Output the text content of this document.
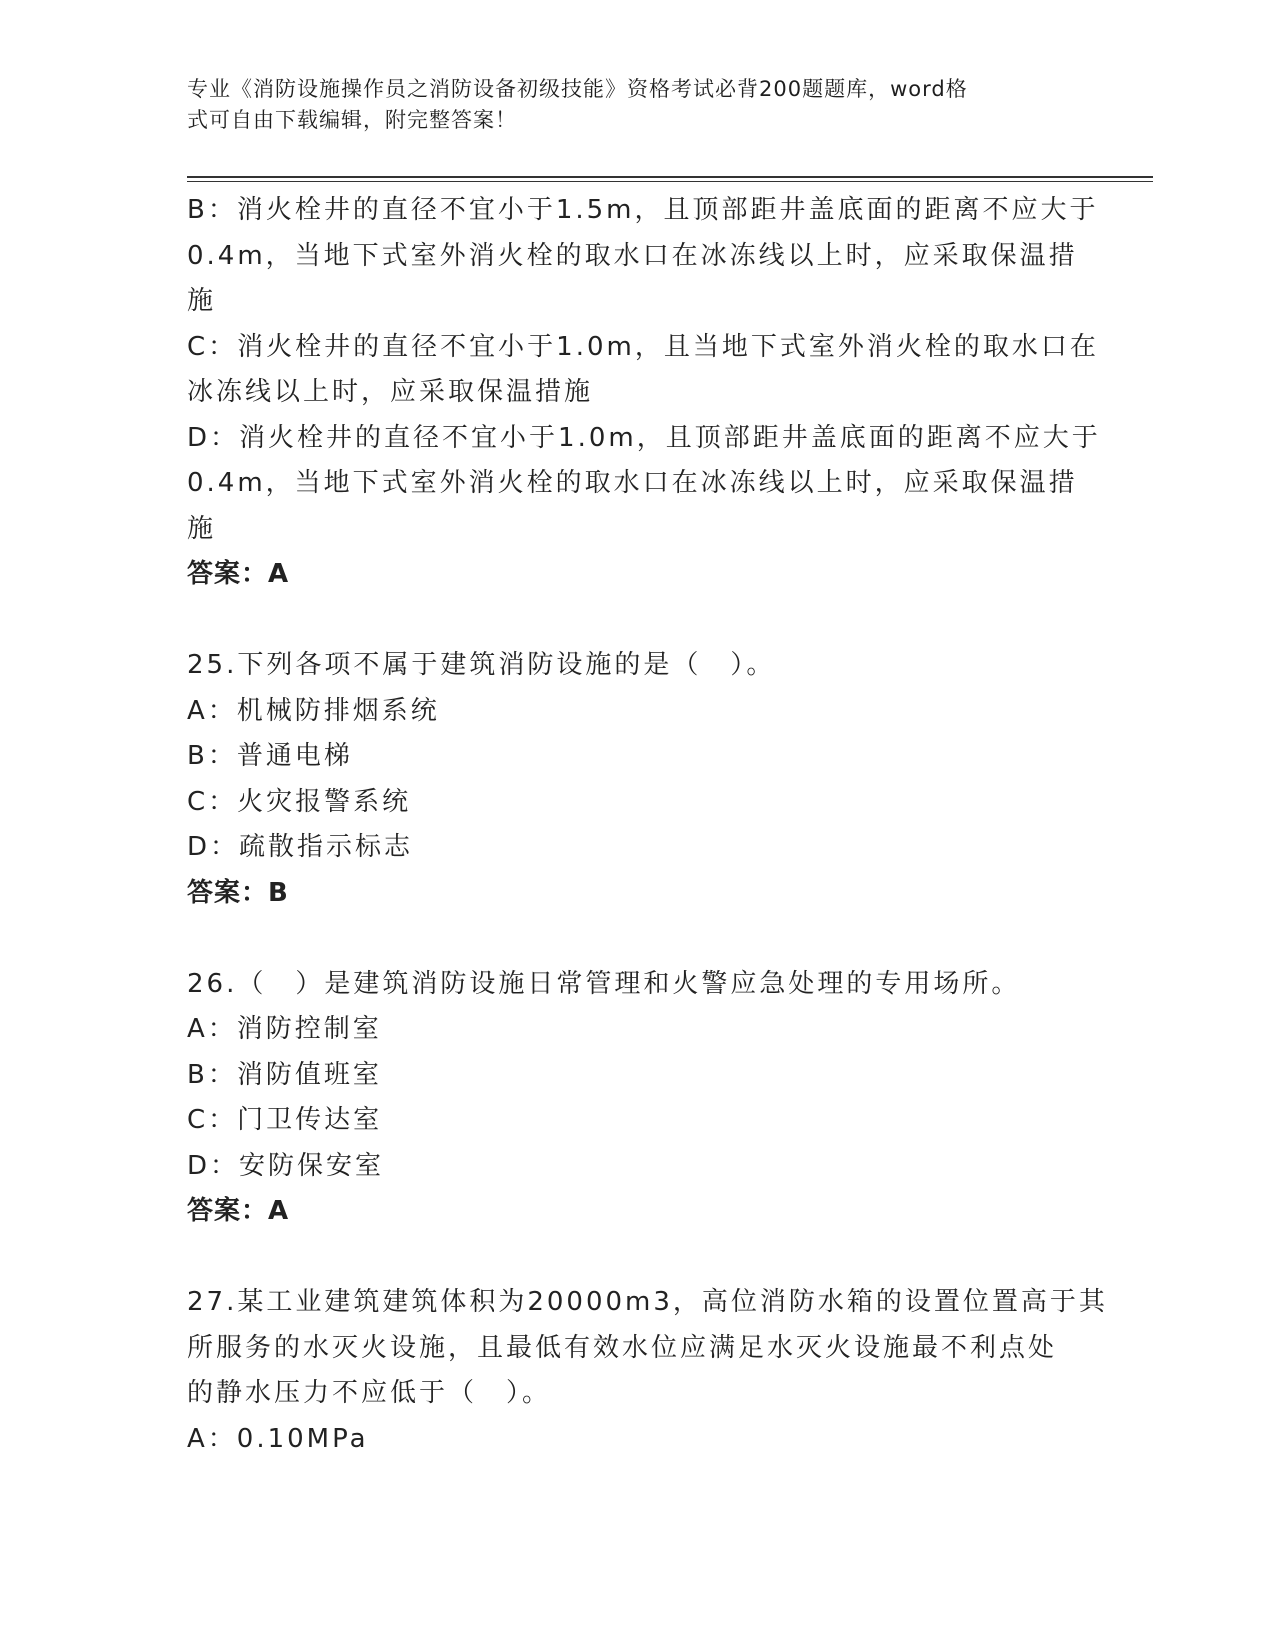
专业《消防设施操作员之消防设备初级技能》资格考试必背200题题库，word格
式可自由下载编辑，附完整答案！
B：消火栓井的直径不宜小于1.5m，且顶部距井盖底面的距离不应大于
0.4m，当地下式室外消火栓的取水口在冰冻线以上时，应采取保温措
施
C：消火栓井的直径不宜小于1.0m，且当地下式室外消火栓的取水口在
冰冻线以上时，应采取保温措施
D：消火栓井的直径不宜小于1.0m，且顶部距井盖底面的距离不应大于
0.4m，当地下式室外消火栓的取水口在冰冻线以上时，应采取保温措
施
答案：A
25.下列各项不属于建筑消防设施的是（　）。
A：机械防排烟系统
B：普通电梯
C：火灾报警系统
D：疏散指示标志
答案：B
26.（　）是建筑消防设施日常管理和火警应急处理的专用场所。
A：消防控制室
B：消防值班室
C：门卫传达室
D：安防保安室
答案：A
27.某工业建筑建筑体积为20000m3，高位消防水箱的设置位置高于其
所服务的水灭火设施，且最低有效水位应满足水灭火设施最不利点处
的静水压力不应低于（　）。
A：0.10MPa
